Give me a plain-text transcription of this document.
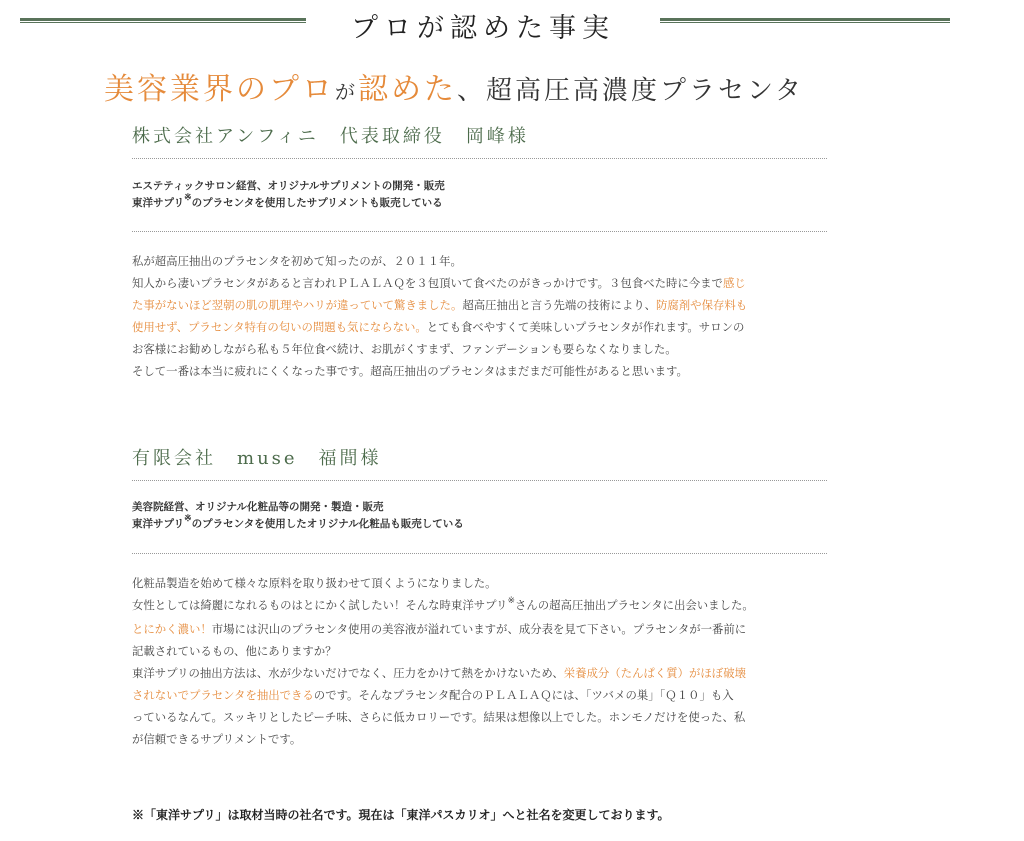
プロが認めた事実
美容業界のプロが認めた、超高圧高濃度プラセンタ
株式会社アンフィニ　代表取締役　岡峰様
エステティックサロン経営、オリジナルサプリメントの開発・販売
東洋サプリ※のプラセンタを使用したサプリメントも販売している
私が超高圧抽出のプラセンタを初めて知ったのが、２０１１年。
知人から凄いプラセンタがあると言われＰＬＡＬＡＱを３包頂いて食べたのがきっかけです。３包食べた時に今まで感じ
た事がないほど翌朝の肌の肌理やハリが違っていて驚きました。超高圧抽出と言う先端の技術により、防腐剤や保存料も
使用せず、プラセンタ特有の匂いの問題も気にならない。とても食べやすくて美味しいプラセンタが作れます。サロンの
お客様にお勧めしながら私も５年位食べ続け、お肌がくすまず、ファンデーションも要らなくなりました。
そして一番は本当に疲れにくくなった事です。超高圧抽出のプラセンタはまだまだ可能性があると思います。
有限会社　muse　福間様
美容院経営、オリジナル化粧品等の開発・製造・販売
東洋サプリ※のプラセンタを使用したオリジナル化粧品も販売している
化粧品製造を始めて様々な原料を取り扱わせて頂くようになりました。
女性としては綺麗になれるものはとにかく試したい！そんな時東洋サプリ※さんの超高圧抽出プラセンタに出会いました。
とにかく濃い！市場には沢山のプラセンタ使用の美容液が溢れていますが、成分表を見て下さい。プラセンタが一番前に
記載されているもの、他にありますか？
東洋サプリの抽出方法は、水が少ないだけでなく、圧力をかけて熱をかけないため、栄養成分（たんぱく質）がほぼ破壊
されないでプラセンタを抽出できるのです。そんなプラセンタ配合のＰＬＡＬＡＱには、「ツバメの巣」「Ｑ１０」も入
っているなんて。スッキリとしたピーチ味、さらに低カロリーです。結果は想像以上でした。ホンモノだけを使った、私
が信頼できるサプリメントです。
※「東洋サプリ」は取材当時の社名です。現在は「東洋パスカリオ」へと社名を変更しております。
